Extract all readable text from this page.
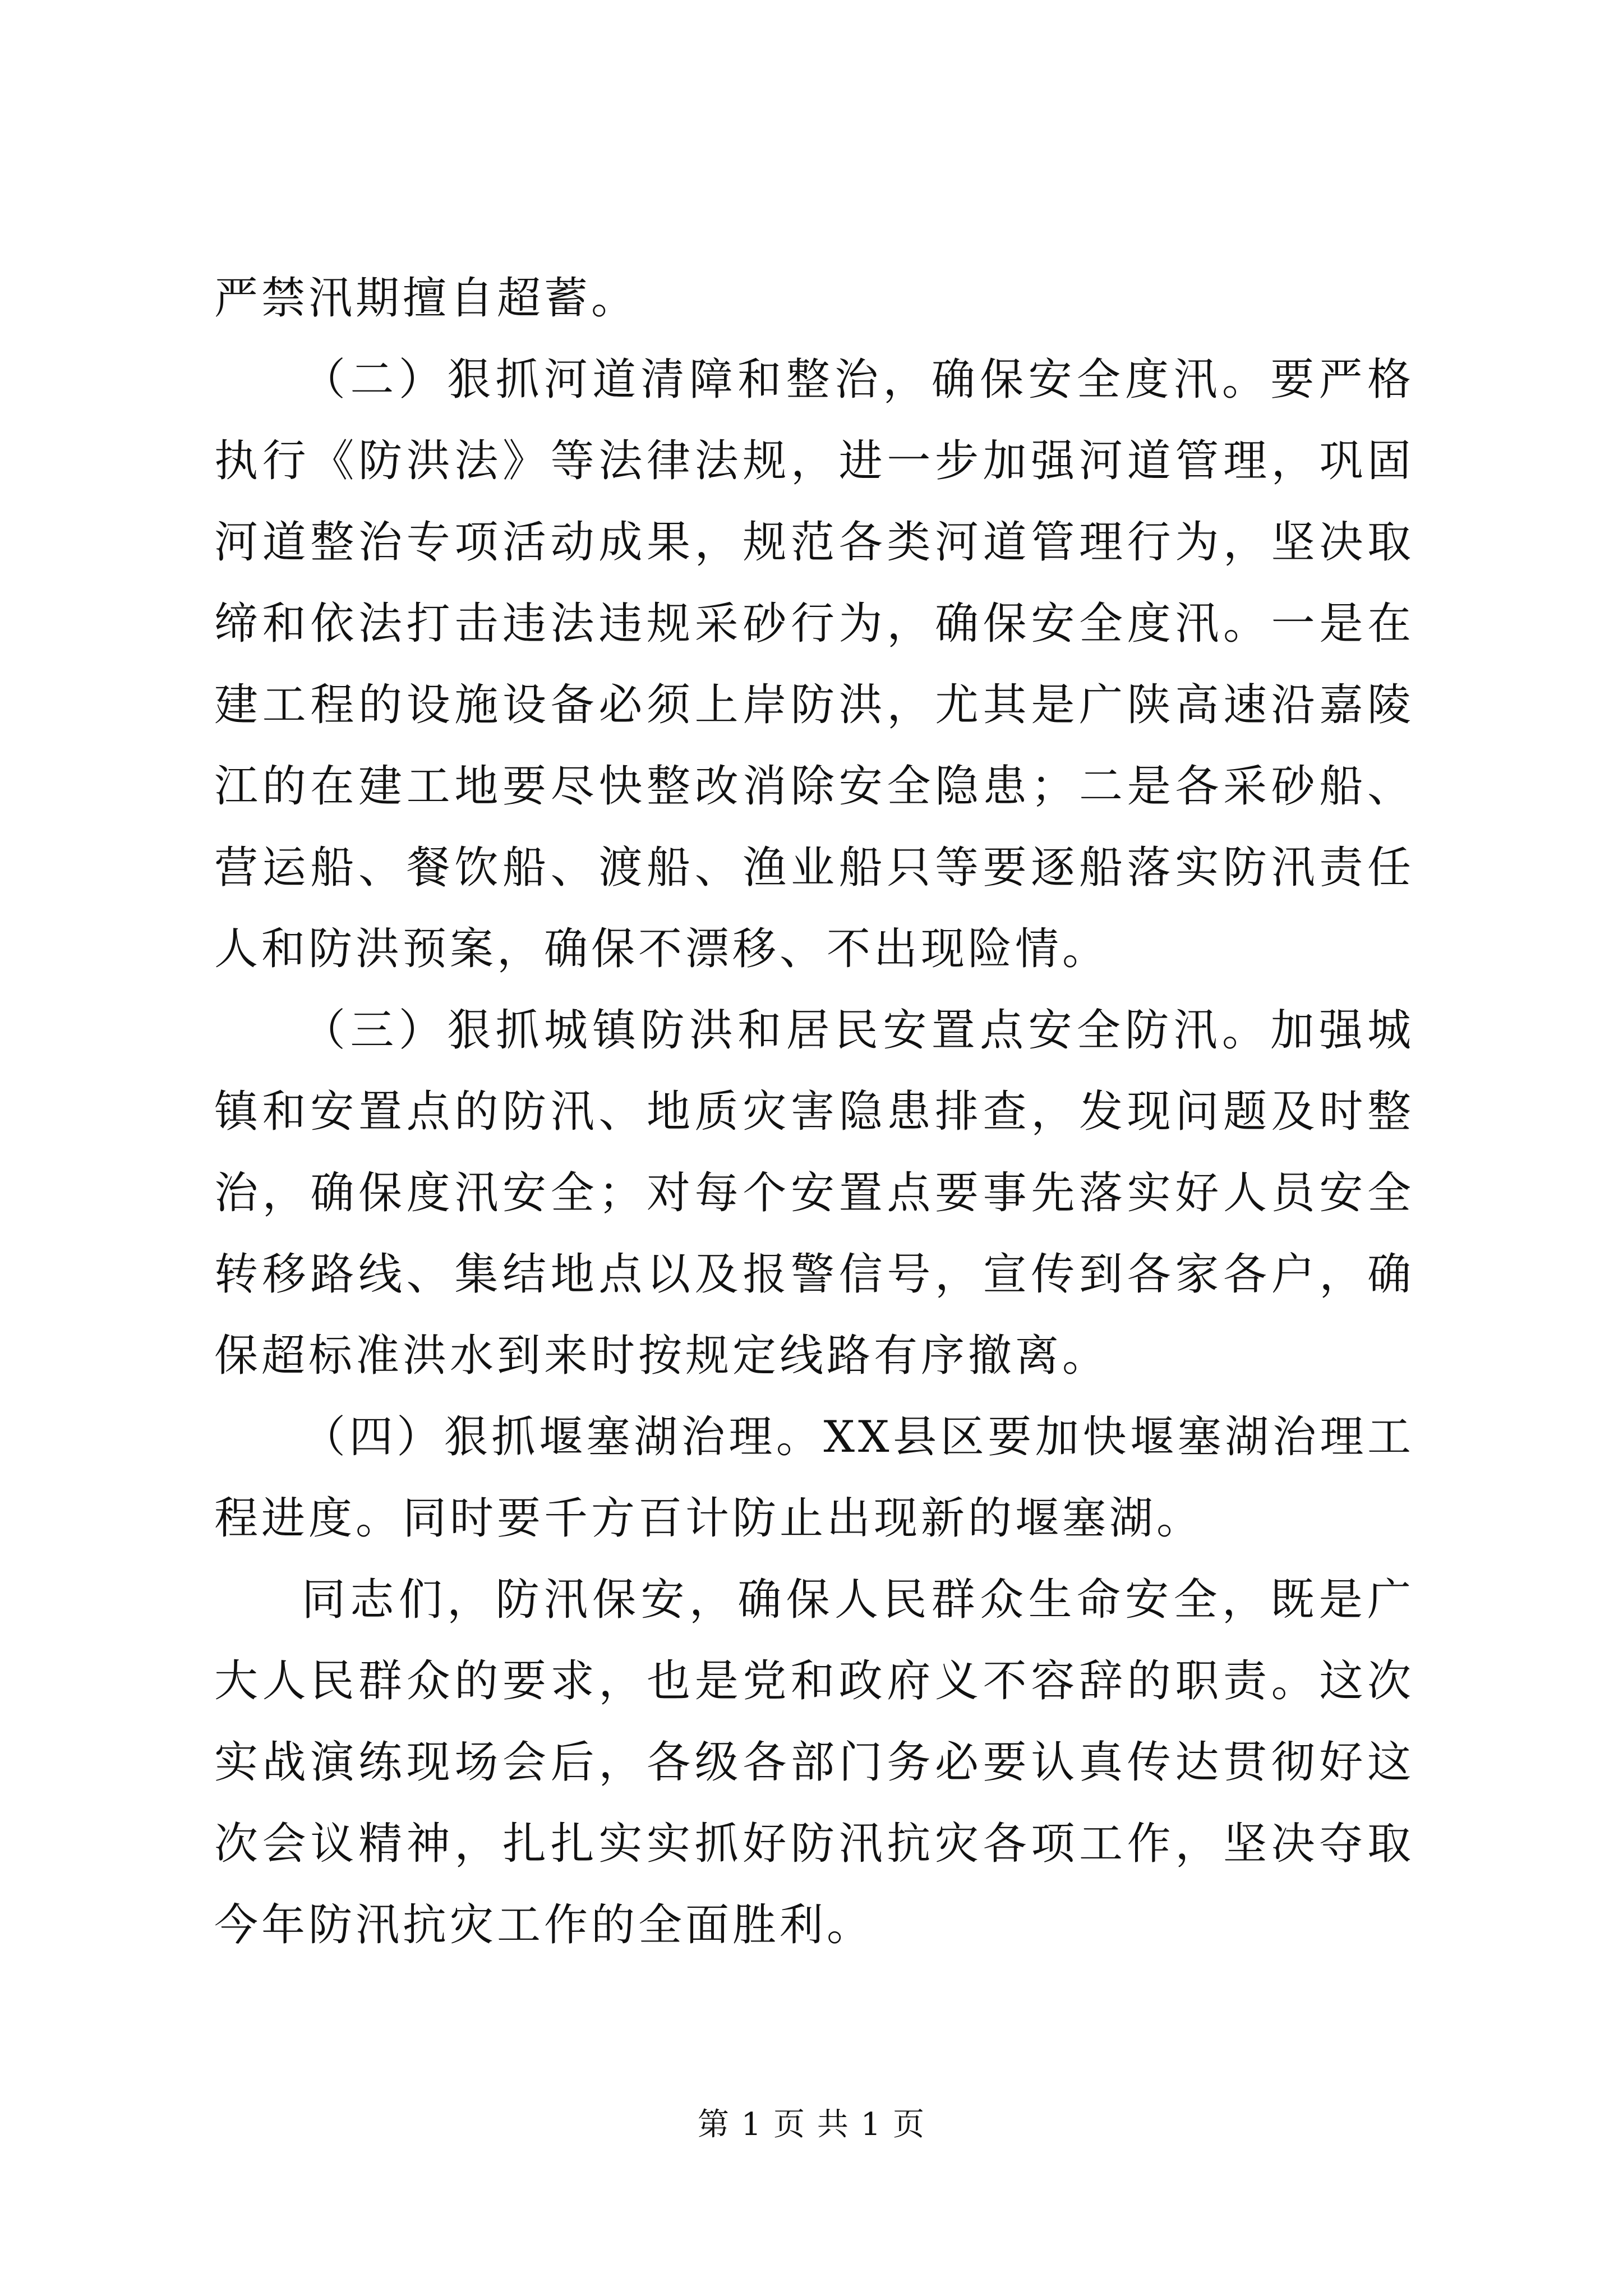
严禁汛期擅自超蓄。

（二）狠抓河道清障和整治，确保安全度汛。要严格执行《防洪法》等法律法规，进一步加强河道管理，巩固河道整治专项活动成果，规范各类河道管理行为，坚决取缔和依法打击违法违规采砂行为，确保安全度汛。一是在建工程的设施设备必须上岸防洪，尤其是广陕高速沿嘉陵江的在建工地要尽快整改消除安全隐患；二是各采砂船、营运船、餐饮船、渡船、渔业船只等要逐船落实防汛责任人和防洪预案，确保不漂移、不出现险情。

（三）狠抓城镇防洪和居民安置点安全防汛。加强城镇和安置点的防汛、地质灾害隐患排查，发现问题及时整治，确保度汛安全；对每个安置点要事先落实好人员安全转移路线、集结地点以及报警信号，宣传到各家各户，确保超标准洪水到来时按规定线路有序撤离。

（四）狠抓堰塞湖治理。XX县区要加快堰塞湖治理工程进度。同时要千方百计防止出现新的堰塞湖。

同志们，防汛保安，确保人民群众生命安全，既是广大人民群众的要求，也是党和政府义不容辞的职责。这次实战演练现场会后，各级各部门务必要认真传达贯彻好这次会议精神，扎扎实实抓好防汛抗灾各项工作，坚决夺取今年防汛抗灾工作的全面胜利。

第 1 页 共 1 页
